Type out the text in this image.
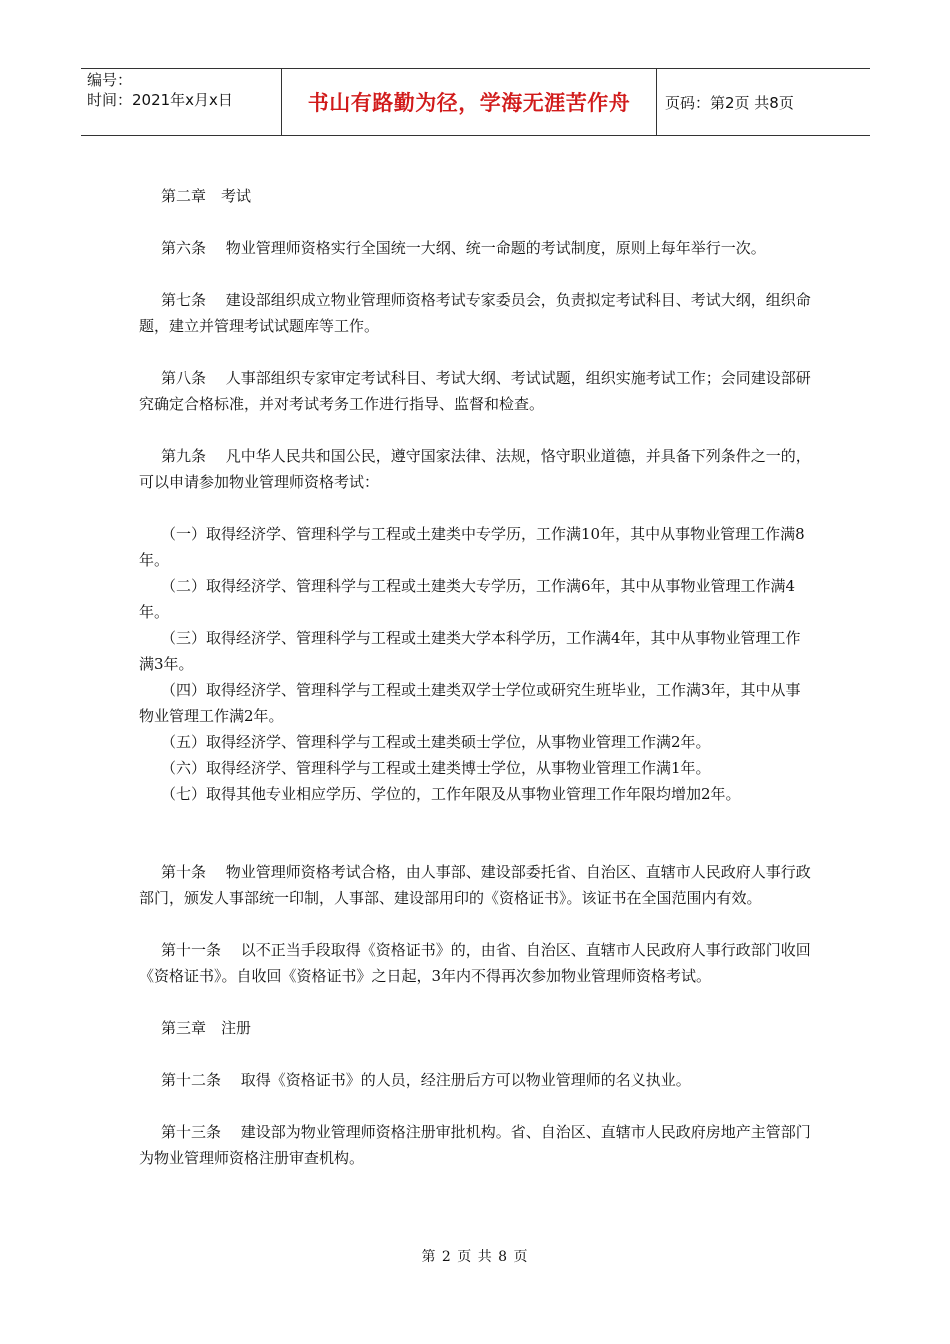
编号：
时间：2021年x月x日	书山有路勤为径，学海无涯苦作舟	页码：第2页 共8页

第二章　考试

第六条　 物业管理师资格实行全国统一大纲、统一命题的考试制度，原则上每年举行一次。

第七条　 建设部组织成立物业管理师资格考试专家委员会，负责拟定考试科目、考试大纲，组织命题，建立并管理考试试题库等工作。

第八条　 人事部组织专家审定考试科目、考试大纲、考试试题，组织实施考试工作；会同建设部研究确定合格标准，并对考试考务工作进行指导、监督和检查。

第九条　 凡中华人民共和国公民，遵守国家法律、法规，恪守职业道德，并具备下列条件之一的，可以申请参加物业管理师资格考试：

（一）取得经济学、管理科学与工程或土建类中专学历，工作满10年，其中从事物业管理工作满8年。

（二）取得经济学、管理科学与工程或土建类大专学历，工作满6年，其中从事物业管理工作满4年。

（三）取得经济学、管理科学与工程或土建类大学本科学历，工作满4年，其中从事物业管理工作满3年。

（四）取得经济学、管理科学与工程或土建类双学士学位或研究生班毕业，工作满3年，其中从事物业管理工作满2年。

（五）取得经济学、管理科学与工程或土建类硕士学位，从事物业管理工作满2年。

（六）取得经济学、管理科学与工程或土建类博士学位，从事物业管理工作满1年。

（七）取得其他专业相应学历、学位的，工作年限及从事物业管理工作年限均增加2年。

第十条　 物业管理师资格考试合格，由人事部、建设部委托省、自治区、直辖市人民政府人事行政部门，颁发人事部统一印制，人事部、建设部用印的《资格证书》。该证书在全国范围内有效。

第十一条　 以不正当手段取得《资格证书》的，由省、自治区、直辖市人民政府人事行政部门收回《资格证书》。自收回《资格证书》之日起，3年内不得再次参加物业管理师资格考试。

第三章　注册

第十二条　 取得《资格证书》的人员，经注册后方可以物业管理师的名义执业。

第十三条　 建设部为物业管理师资格注册审批机构。省、自治区、直辖市人民政府房地产主管部门为物业管理师资格注册审查机构。

第 2 页 共 8 页
